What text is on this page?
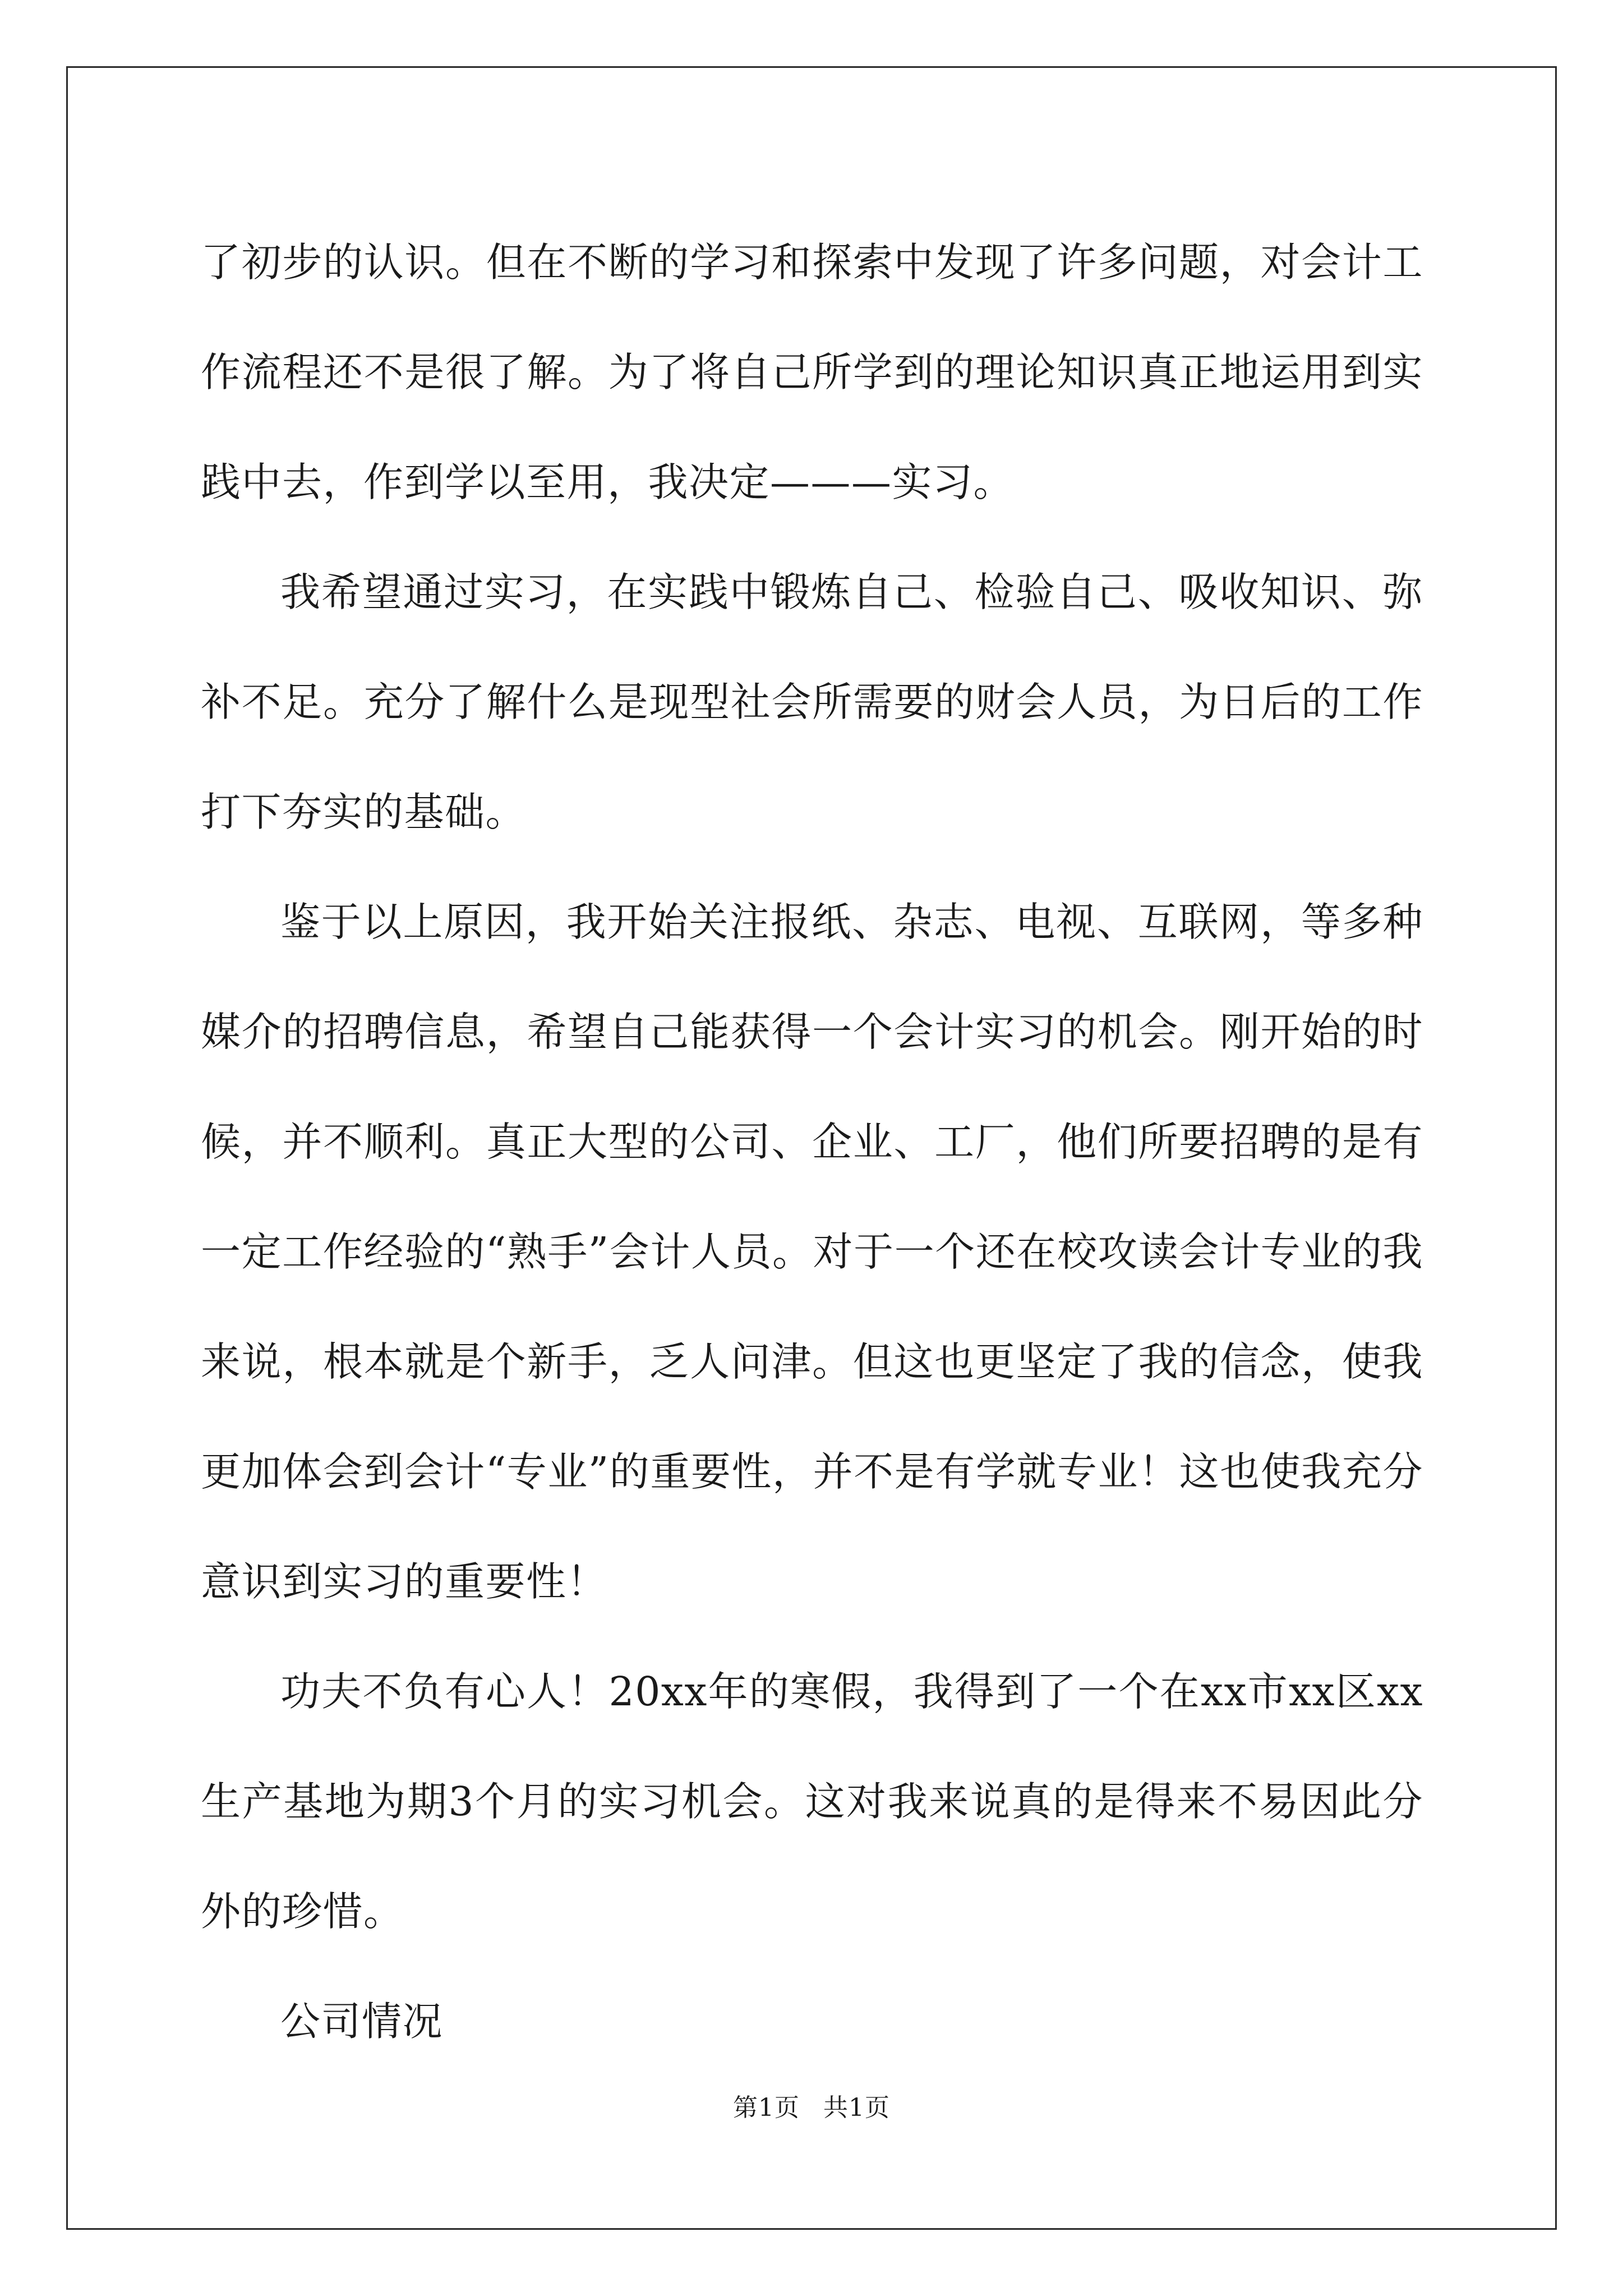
了初步的认识。但在不断的学习和探索中发现了许多问题，对会计工作流程还不是很了解。为了将自己所学到的理论知识真正地运用到实践中去，作到学以至用，我决定———实习。

我希望通过实习，在实践中锻炼自己、检验自己、吸收知识、弥补不足。充分了解什么是现型社会所需要的财会人员，为日后的工作打下夯实的基础。

鉴于以上原因，我开始关注报纸、杂志、电视、互联网，等多种媒介的招聘信息，希望自己能获得一个会计实习的机会。刚开始的时候，并不顺利。真正大型的公司、企业、工厂，他们所要招聘的是有一定工作经验的“熟手”会计人员。对于一个还在校攻读会计专业的我来说，根本就是个新手，乏人问津。但这也更坚定了我的信念，使我更加体会到会计“专业”的重要性，并不是有学就专业！这也使我充分意识到实习的重要性！

功夫不负有心人！20xx年的寒假，我得到了一个在xx市xx区xx生产基地为期3个月的实习机会。这对我来说真的是得来不易因此分外的珍惜。

公司情况

第1页 共1页
